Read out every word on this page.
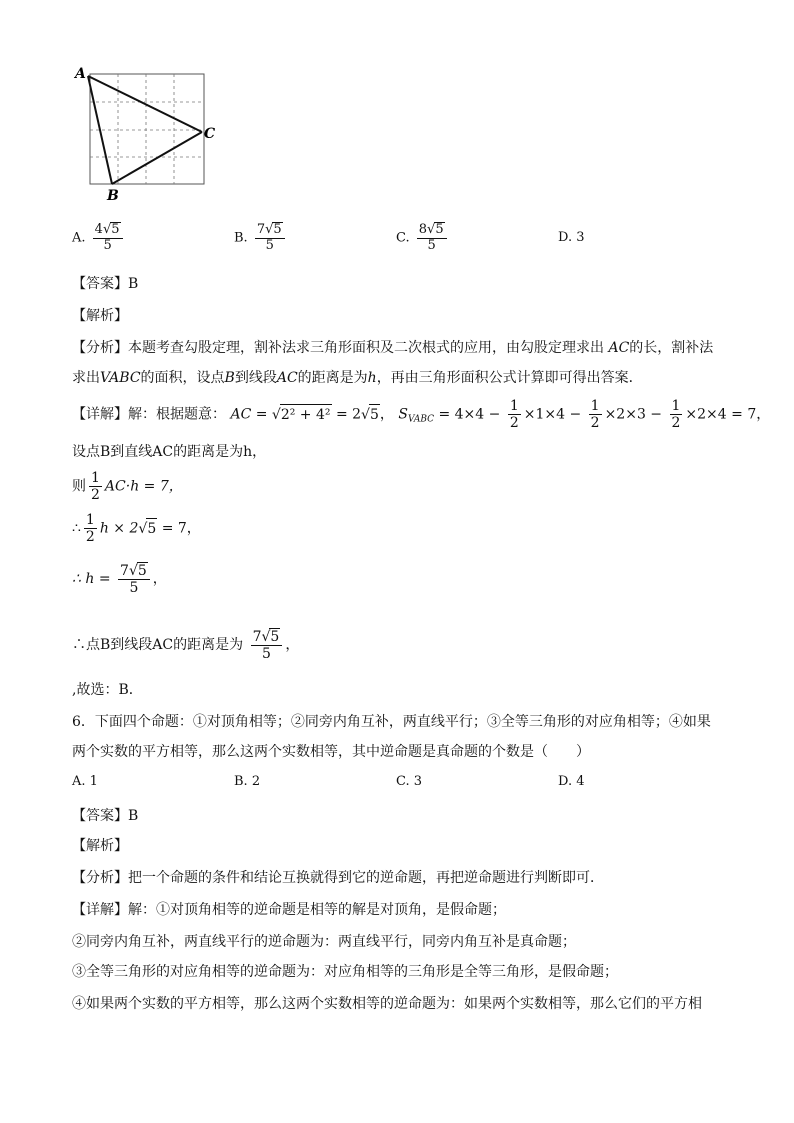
A
C
B
A. $\frac{4√5}{5}$	B. $\frac{7√5}{5}$	C. $\frac{8√5}{5}$	D. 3
【答案】B
【解析】
【分析】本题考查勾股定理，割补法求三角形面积及二次根式的应用，由勾股定理求出 AC的长，割补法
求出VABC的面积，设点B到线段AC的距离是为h，再由三角形面积公式计算即可得出答案．
【详解】解：根据题意： AC = √2² + 4² = 2√5， $S_{VABC} = 4\times 4 - \frac{1}{2} \times 1\times 4 - \frac{1}{2} \times 2\times 3 - \frac{1}{2} \times 2\times 4 = 7$，
设点B到直线AC的距离是为h，
则 $\frac{1}{2} AC\cdot h = 7$，
∴ $\frac{1}{2}$ h × 2√5 = 7，
∴ $h = \frac{7√5}{5}$ ，
∴点B到线段AC的距离是为 $\frac{7√5}{5}$ ，
,故选：B．
6．下面四个命题：①对顶角相等；②同旁内角互补，两直线平行；③全等三角形的对应角相等；④如果
两个实数的平方相等，那么这两个实数相等，其中逆命题是真命题的个数是（　　）
A. 1	B. 2	C. 3	D. 4
【答案】B
【解析】
【分析】把一个命题的条件和结论互换就得到它的逆命题，再把逆命题进行判断即可．
【详解】解：①对顶角相等的逆命题是相等的解是对顶角，是假命题；
②同旁内角互补，两直线平行的逆命题为：两直线平行，同旁内角互补是真命题；
③全等三角形的对应角相等的逆命题为：对应角相等的三角形是全等三角形，是假命题；
④如果两个实数的平方相等，那么这两个实数相等的逆命题为：如果两个实数相等，那么它们的平方相
